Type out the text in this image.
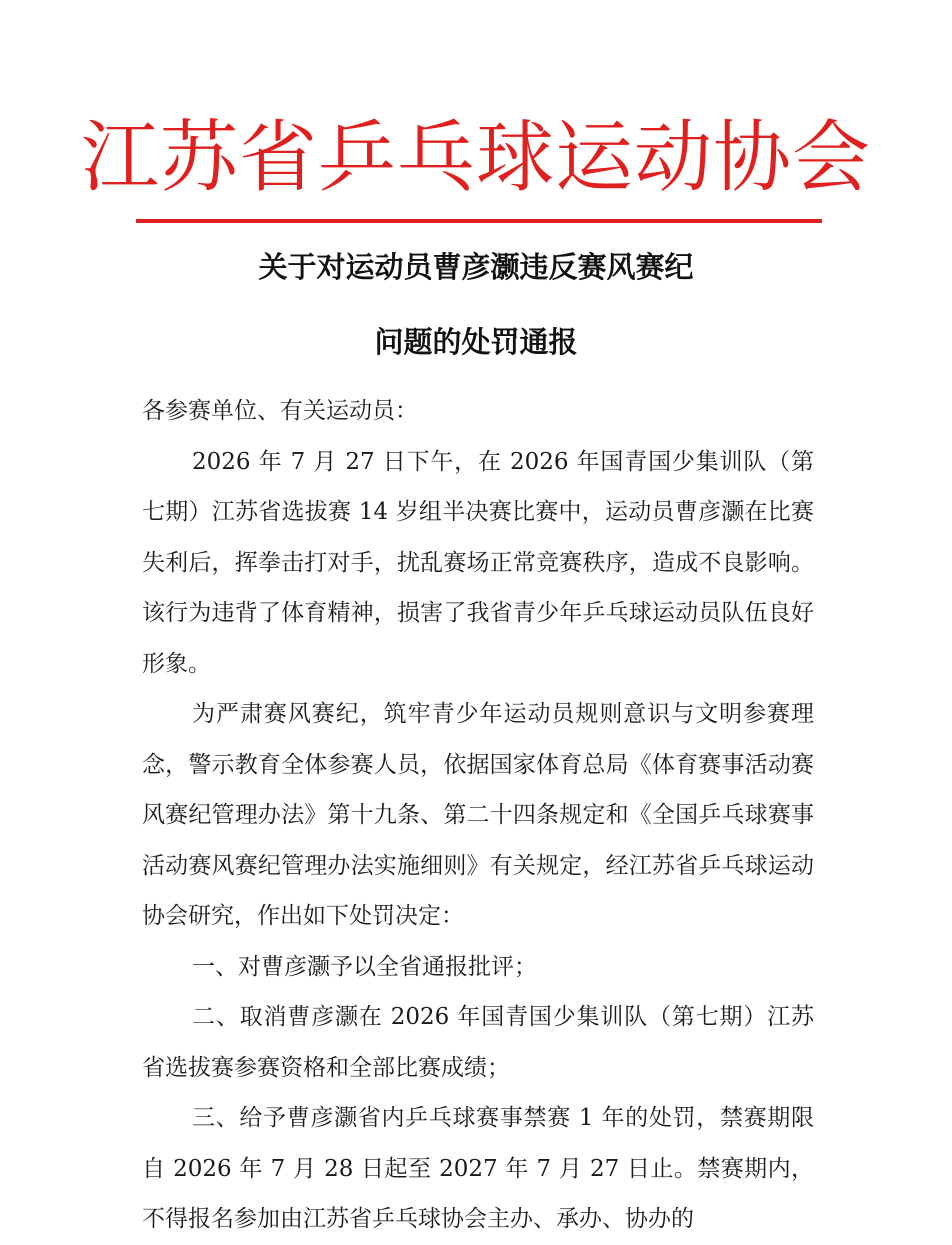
江苏省乒乓球运动协会
关于对运动员曹彦灏违反赛风赛纪
问题的处罚通报

各参赛单位、有关运动员：

2026 年 7 月 27 日下午，在 2026 年国青国少集训队（第七期）江苏省选拔赛 14 岁组半决赛比赛中，运动员曹彦灏在比赛失利后，挥拳击打对手，扰乱赛场正常竞赛秩序，造成不良影响。该行为违背了体育精神，损害了我省青少年乒乓球运动员队伍良好形象。

为严肃赛风赛纪，筑牢青少年运动员规则意识与文明参赛理念，警示教育全体参赛人员，依据国家体育总局《体育赛事活动赛风赛纪管理办法》第十九条、第二十四条规定和《全国乒乓球赛事活动赛风赛纪管理办法实施细则》有关规定，经江苏省乒乓球运动协会研究，作出如下处罚决定：

一、对曹彦灏予以全省通报批评；

二、取消曹彦灏在 2026 年国青国少集训队（第七期）江苏省选拔赛参赛资格和全部比赛成绩；

三、给予曹彦灏省内乒乓球赛事禁赛 1 年的处罚，禁赛期限自 2026 年 7 月 28 日起至 2027 年 7 月 27 日止。禁赛期内，不得报名参加由江苏省乒乓球协会主办、承办、协办的
